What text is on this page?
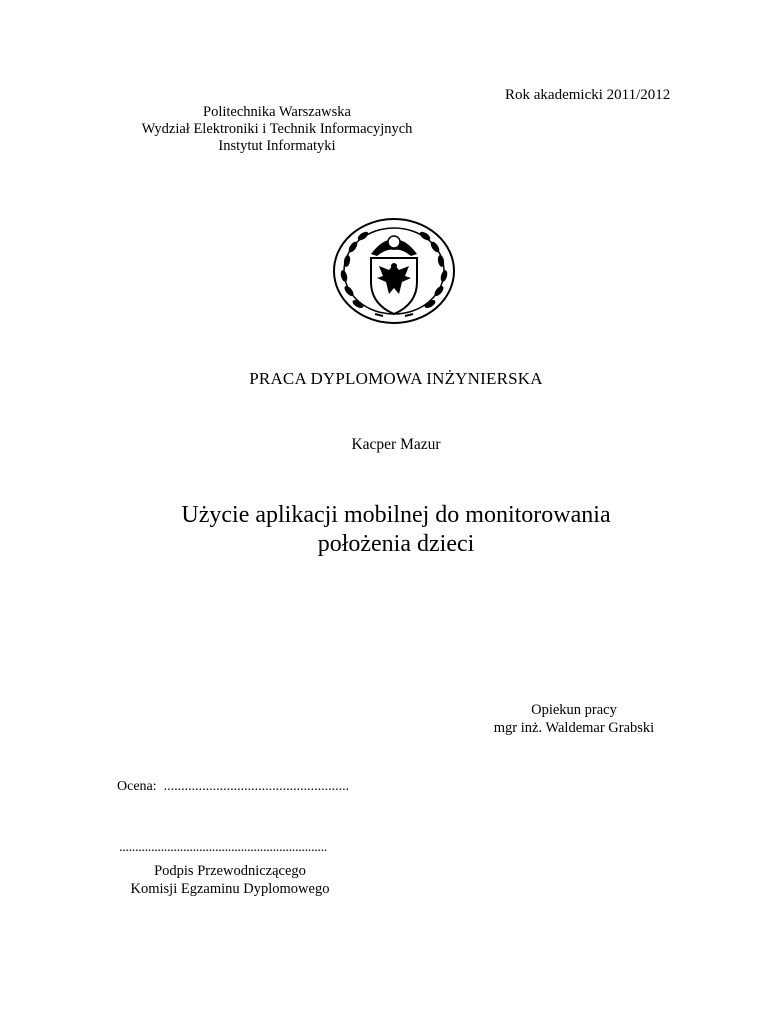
Rok akademicki 2011/2012
Politechnika Warszawska
Wydział Elektroniki i Technik Informacyjnych
Instytut Informatyki
PRACA DYPLOMOWA INŻYNIERSKA
Kacper Mazur
Użycie aplikacji mobilnej do monitorowania
położenia dzieci
Opiekun pracy
mgr inż. Waldemar Grabski
Ocena: .....................................................
.................................................................
Podpis Przewodniczącego
Komisji Egzaminu Dyplomowego
